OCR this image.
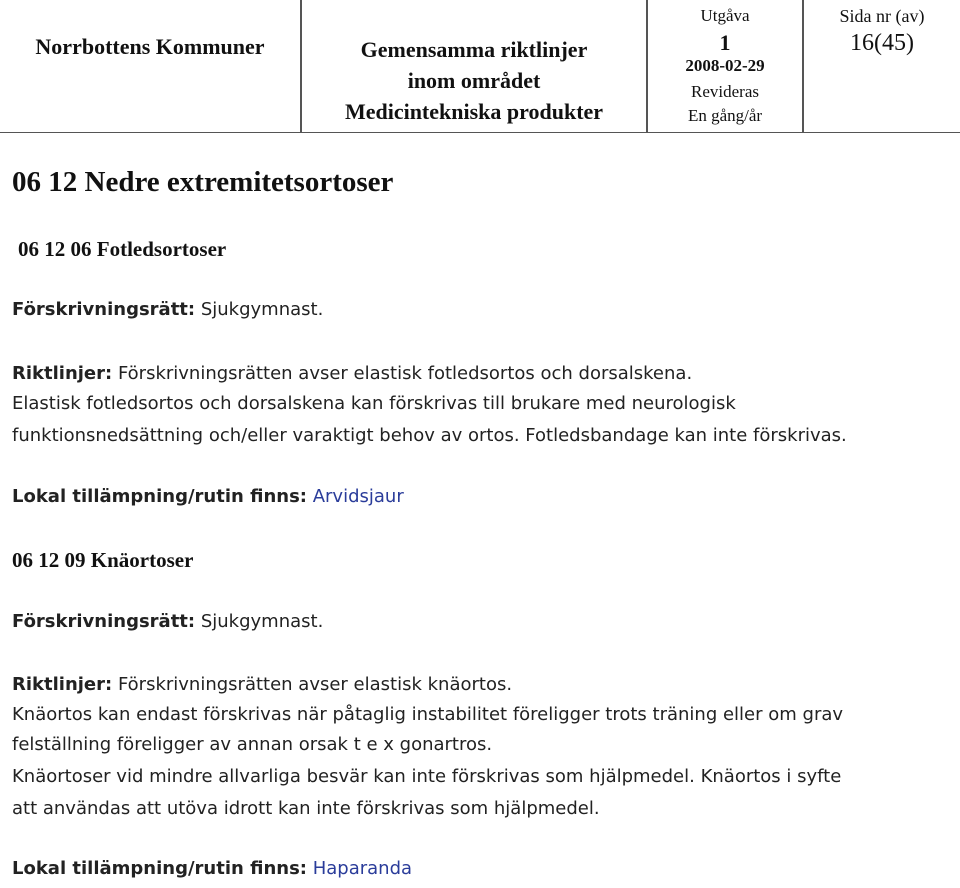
Norrbottens Kommuner	Gemensamma riktlinjer
inom området
Medicintekniska produkter
Utgåva
1
2008-02-29
Revideras
En gång/år
Sida nr (av)
16(45)
06 12 Nedre extremitetsortoser
06 12 06 Fotledsortoser
Förskrivningsrätt: Sjukgymnast.
Riktlinjer: Förskrivningsrätten avser elastisk fotledsortos och dorsalskena.
Elastisk fotledsortos och dorsalskena kan förskrivas till brukare med neurologisk
funktionsnedsättning och/eller varaktigt behov av ortos. Fotledsbandage kan inte förskrivas.
Lokal tillämpning/rutin finns: Arvidsjaur
06 12 09 Knäortoser
Förskrivningsrätt: Sjukgymnast.
Riktlinjer: Förskrivningsrätten avser elastisk knäortos.
Knäortos kan endast förskrivas när påtaglig instabilitet föreligger trots träning eller om grav
felställning föreligger av annan orsak t e x gonartros.
Knäortoser vid mindre allvarliga besvär kan inte förskrivas som hjälpmedel. Knäortos i syfte
att användas att utöva idrott kan inte förskrivas som hjälpmedel.
Lokal tillämpning/rutin finns: Haparanda
